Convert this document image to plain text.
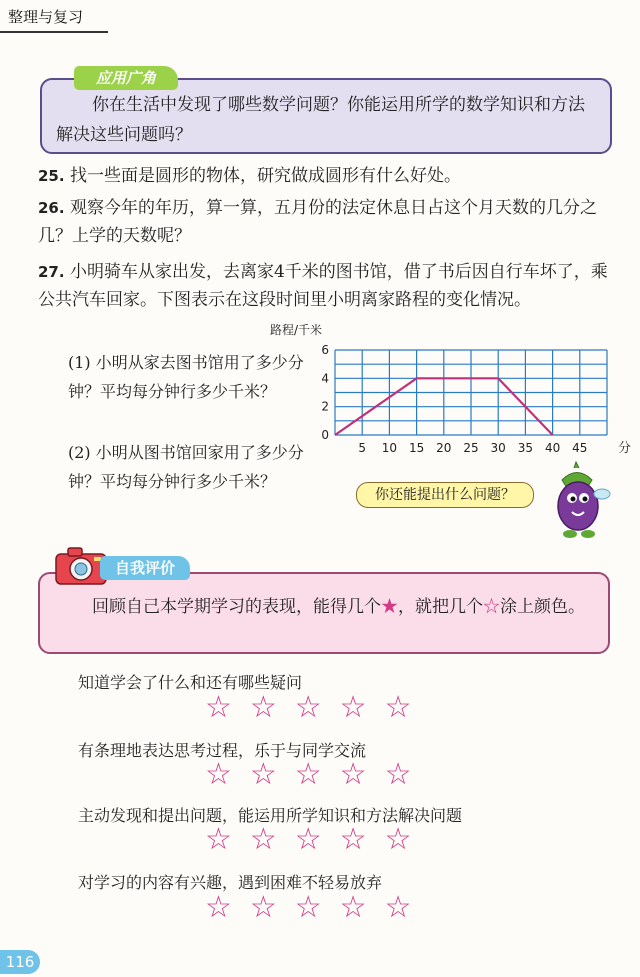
整理与复习
应用广角
你在生活中发现了哪些数学问题？你能运用所学的数学知识和方法解决这些问题吗？
25. 找一些面是圆形的物体，研究做成圆形有什么好处。
26. 观察今年的年历，算一算，五月份的法定休息日占这个月天数的几分之几？上学的天数呢？
27. 小明骑车从家出发，去离家4千米的图书馆，借了书后因自行车坏了，乘公共汽车回家。下图表示在这段时间里小明离家路程的变化情况。
(1) 小明从家去图书馆用了多少分钟？平均每分钟行多少千米？
(2) 小明从图书馆回家用了多少分钟？平均每分钟行多少千米？
路程/千米
0
2
4
6
5 10 15 20 25 30 35 40 45 分
你还能提出什么问题？
自我评价
回顾自己本学期学习的表现，能得几个★，就把几个☆涂上颜色。
知道学会了什么和还有哪些疑问
☆☆☆☆☆
有条理地表达思考过程，乐于与同学交流
☆☆☆☆☆
主动发现和提出问题，能运用所学知识和方法解决问题
☆☆☆☆☆
对学习的内容有兴趣，遇到困难不轻易放弃
☆☆☆☆☆
116
